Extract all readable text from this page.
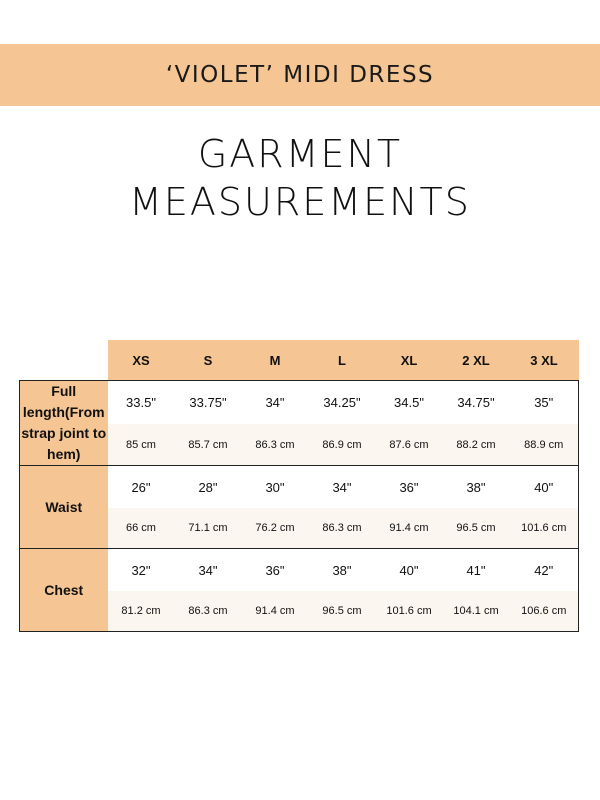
‘VIOLET’ MIDI DRESS
GARMENT
MEASUREMENTS
	XS	S	M	L	XL	2 XL	3 XL

Full
length(From
strap joint to
hem)	33.5"	33.75"	34"	34.25"	34.5"	34.75"	35"
	85 cm	85.7 cm	86.3 cm	86.9 cm	87.6 cm	88.2 cm	88.9 cm

Waist	26"	28"	30"	34"	36"	38"	40"
	66 cm	71.1 cm	76.2 cm	86.3 cm	91.4 cm	96.5 cm	101.6 cm

Chest	32"	34"	36"	38"	40"	41"	42"
	81.2 cm	86.3 cm	91.4 cm	96.5 cm	101.6 cm	104.1 cm	106.6 cm
